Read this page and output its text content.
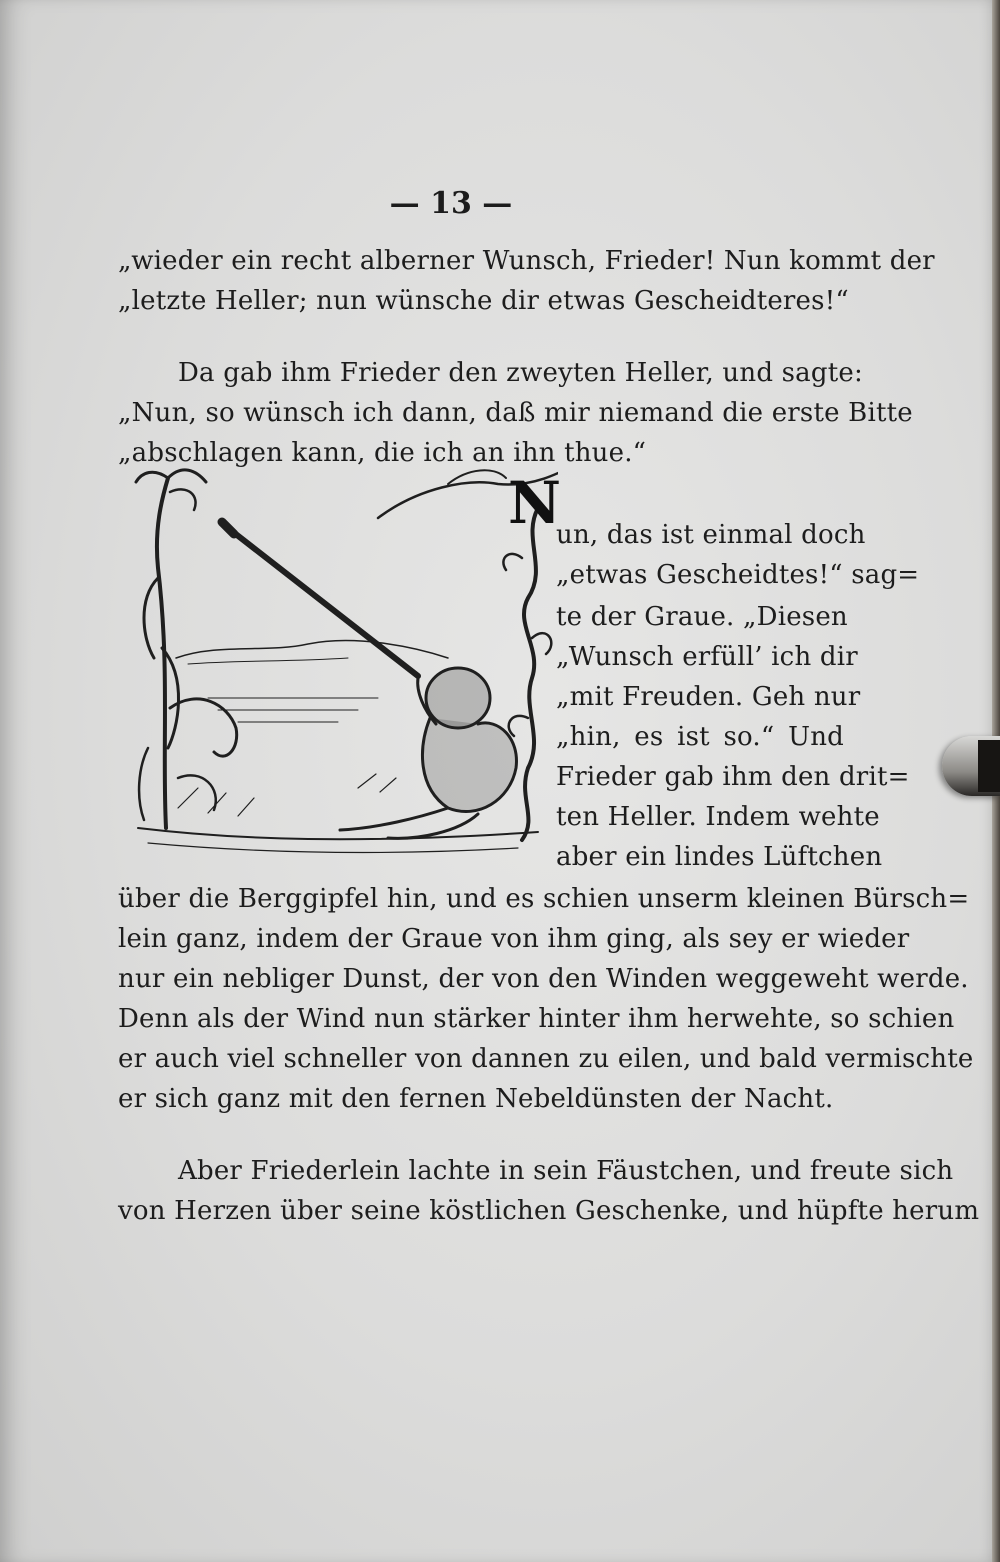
— 13 —
„wieder ein recht alberner Wunsch, Frieder! Nun kommt der
„letzte Heller; nun wünsche dir etwas Gescheidteres!“
Da gab ihm Frieder den zweyten Heller, und sagte:
„Nun, so wünsch ich dann, daß mir niemand die erste Bitte
„abschlagen kann, die ich an ihn thue.“
N
un, das ist einmal doch
„etwas Gescheidtes!“ sag=
te der Graue. „Diesen
„Wunsch erfüll’ ich dir
„mit Freuden. Geh nur
„hin, es ist so.“ Und
Frieder gab ihm den drit=
ten Heller. Indem wehte
aber ein lindes Lüftchen
über die Berggipfel hin, und es schien unserm kleinen Bürsch=
lein ganz, indem der Graue von ihm ging, als sey er wieder
nur ein nebliger Dunst, der von den Winden weggeweht werde.
Denn als der Wind nun stärker hinter ihm herwehte, so schien
er auch viel schneller von dannen zu eilen, und bald vermischte
er sich ganz mit den fernen Nebeldünsten der Nacht.
Aber Friederlein lachte in sein Fäustchen, und freute sich
von Herzen über seine köstlichen Geschenke, und hüpfte herum
